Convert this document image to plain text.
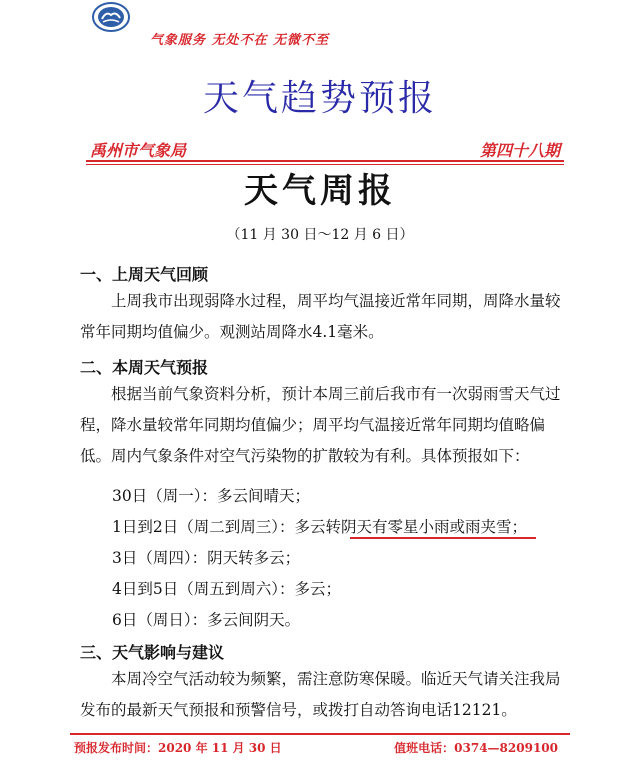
气象服务 无处不在 无微不至
天气趋势预报
禹州市气象局	第四十八期
天气周报
（11 月 30 日～12 月 6 日）
一、上周天气回顾

上周我市出现弱降水过程，周平均气温接近常年同期，周降水量较常年同期均值偏少。观测站周降水4.1毫米。

二、本周天气预报

根据当前气象资料分析，预计本周三前后我市有一次弱雨雪天气过程，降水量较常年同期均值偏少；周平均气温接近常年同期均值略偏低。周内气象条件对空气污染物的扩散较为有利。具体预报如下：

30日（周一）：多云间晴天；
1日到2日（周二到周三）：多云转阴天有零星小雨或雨夹雪；
3日（周四）：阴天转多云；
4日到5日（周五到周六）：多云；
6日（周日）：多云间阴天。
三、天气影响与建议

本周冷空气活动较为频繁，需注意防寒保暖。临近天气请关注我局发布的最新天气预报和预警信号，或拨打自动答询电话12121。

预报发布时间：2020 年 11 月 30 日	值班电话：0374—8209100
